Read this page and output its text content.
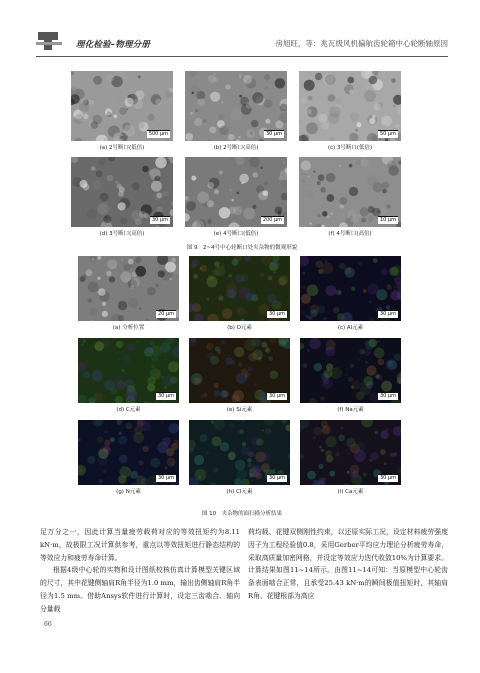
理化检验–物理分册	房旭旺，等：兆瓦级风机偏航齿轮箱中心轮断轴原因
500 μm
(a) 2号断口(低倍)
30 μm
(b) 2号断口(高倍)
50 μm
(c) 3号断口(低倍)
30 μm
(d) 3号断口(高倍)
200 μm
(e) 4号断口(低倍)
10 μm
(f) 4号断口(高倍)
图 9　2~4号中心轮断口处夹杂物的微观形貌
20 μm
(a) 分析位置
30 μm
(b) O元素
30 μm
(c) Al元素
30 μm
(d) C元素
30 μm
(e) Si元素
30 μm
(f) Na元素
30 μm
(g) N元素
30 μm
(h) Cl元素
30 μm
(i) Ca元素
图 10　夹杂物的面扫描分析结果

足万分之一，因此计算当量疲劳载荷对应的等效扭矩约为8.11 kN·m，故极限工况计算供参考，重点以等效扭矩进行静态结构的等效应力和疲劳寿命计算。

根据4级中心轮的实物和设计图纸校核仿真计算模型关键区域的尺寸，其中花键侧轴肩R角半径为1.0 mm，输出齿侧轴肩R角半径为1.5 mm。借助Ansys软件进行计算时，设定三齿啮合、轴向分量载

荷均载、花键双侧刚性约束，以还原实际工况，设定材料疲劳强度因子为工程经验值0.8，采用Gerber平均应力理论分析疲劳寿命，采取高质量加密网格，并设定等效应力迭代收敛10%为计算要求。计算结果如图11~14所示。由图11~14可知：当原模型中心轮齿条表面啮合正常，且承受25.43 kN·m的瞬间极值扭矩时，其轴肩R角、花键根部为高应

66
